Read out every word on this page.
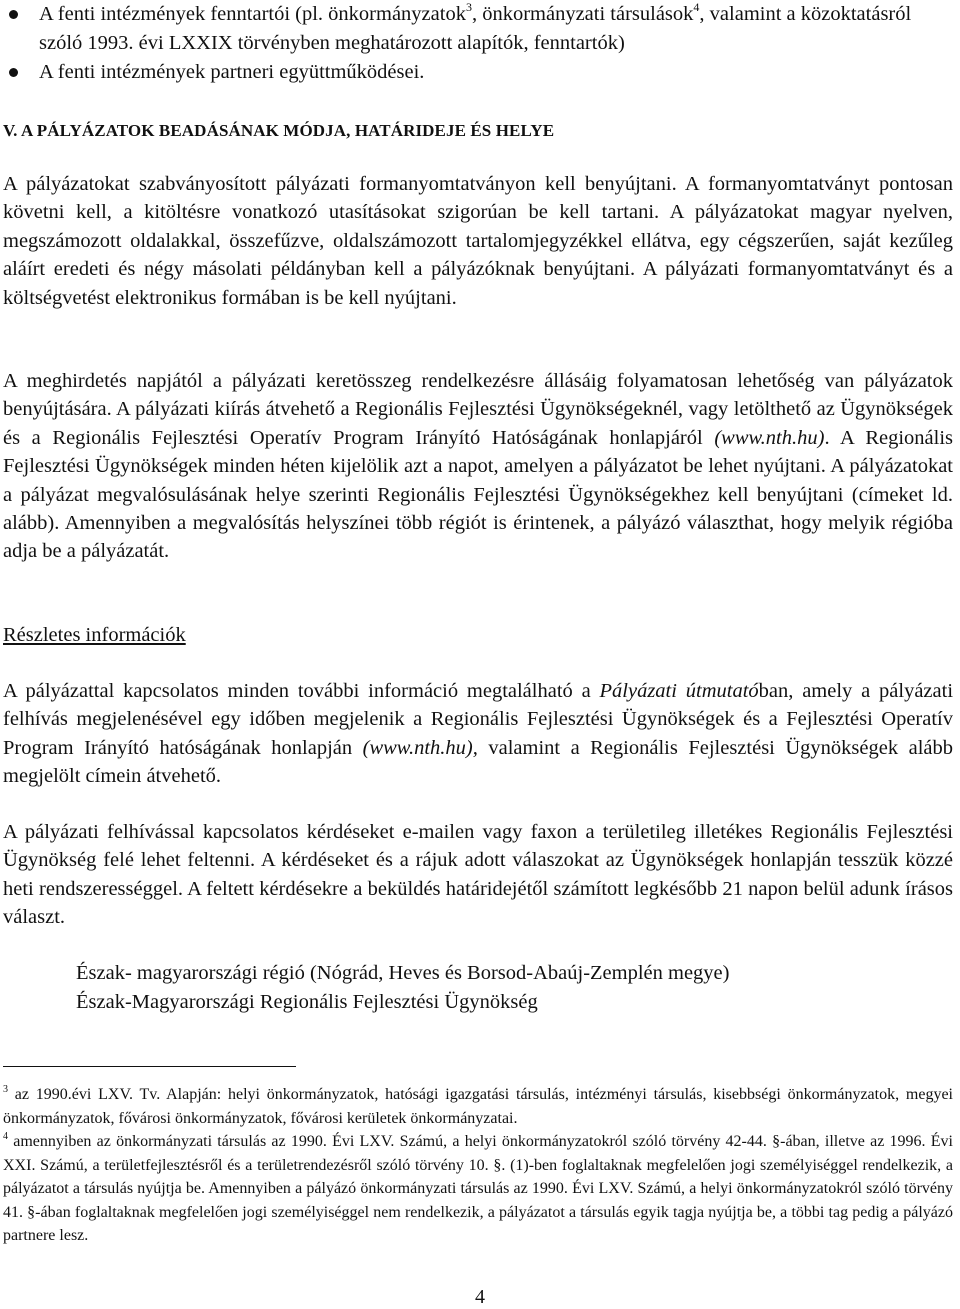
A fenti intézmények fenntartói (pl. önkormányzatok$^3$, önkormányzati társulások$^4$, valamint a közoktatásról szóló 1993. évi LXXIX törvényben meghatározott alapítók, fenntartók)
A fenti intézmények partneri együttműködései.
V. A PÁLYÁZATOK BEADÁSÁNAK MÓDJA, HATÁRIDEJE ÉS HELYE
A pályázatokat szabványosított pályázati formanyomtatványon kell benyújtani. A formanyomtatványt pontosan követni kell, a kitöltésre vonatkozó utasításokat szigorúan be kell tartani. A pályázatokat magyar nyelven, megszámozott oldalakkal, összefűzve, oldalszámozott tartalomjegyzékkel ellátva, egy cégszerűen, saját kezűleg aláírt eredeti és négy másolati példányban kell a pályázóknak benyújtani. A pályázati formanyomtatványt és a költségvetést elektronikus formában is be kell nyújtani.
A meghirdetés napjától a pályázati keretösszeg rendelkezésre állásáig folyamatosan lehetőség van pályázatok benyújtására. A pályázati kiírás átvehető a Regionális Fejlesztési Ügynökségeknél, vagy letölthető az Ügynökségek és a Regionális Fejlesztési Operatív Program Irányító Hatóságának honlapjáról (www.nth.hu). A Regionális Fejlesztési Ügynökségek minden héten kijelölik azt a napot, amelyen a pályázatot be lehet nyújtani. A pályázatokat a pályázat megvalósulásának helye szerinti Regionális Fejlesztési Ügynökségekhez kell benyújtani (címeket ld. alább). Amennyiben a megvalósítás helyszínei több régiót is érintenek, a pályázó választhat, hogy melyik régióba adja be a pályázatát.
Részletes információk
A pályázattal kapcsolatos minden további információ megtalálható a Pályázati útmutatóban, amely a pályázati felhívás megjelenésével egy időben megjelenik a Regionális Fejlesztési Ügynökségek és a Fejlesztési Operatív Program Irányító hatóságának honlapján (www.nth.hu), valamint a Regionális Fejlesztési Ügynökségek alább megjelölt címein átvehető.
A pályázati felhívással kapcsolatos kérdéseket e-mailen vagy faxon a területileg illetékes Regionális Fejlesztési Ügynökség felé lehet feltenni. A kérdéseket és a rájuk adott válaszokat az Ügynökségek honlapján tesszük közzé heti rendszerességgel. A feltett kérdésekre a beküldés határidejétől számított legkésőbb 21 napon belül adunk írásos választ.
Észak- magyarországi régió (Nógrád, Heves és Borsod-Abaúj-Zemplén megye)
Észak-Magyarországi Regionális Fejlesztési Ügynökség
$^3$ az 1990.évi LXV. Tv. Alapján: helyi önkormányzatok, hatósági igazgatási társulás, intézményi társulás, kisebbségi önkormányzatok, megyei önkormányzatok, fővárosi önkormányzatok, fővárosi kerületek önkormányzatai.
$^4$ amennyiben az önkormányzati társulás az 1990. Évi LXV. Számú, a helyi önkormányzatokról szóló törvény 42-44. §-ában, illetve az 1996. Évi XXI. Számú, a területfejlesztésről és a területrendezésről szóló törvény 10. §. (1)-ben foglaltaknak megfelelően jogi személyiséggel rendelkezik, a pályázatot a társulás nyújtja be. Amennyiben a pályázó önkormányzati társulás az 1990. Évi LXV. Számú, a helyi önkormányzatokról szóló törvény 41. §-ában foglaltaknak megfelelően jogi személyiséggel nem rendelkezik, a pályázatot a társulás egyik tagja nyújtja be, a többi tag pedig a pályázó partnere lesz.
4
